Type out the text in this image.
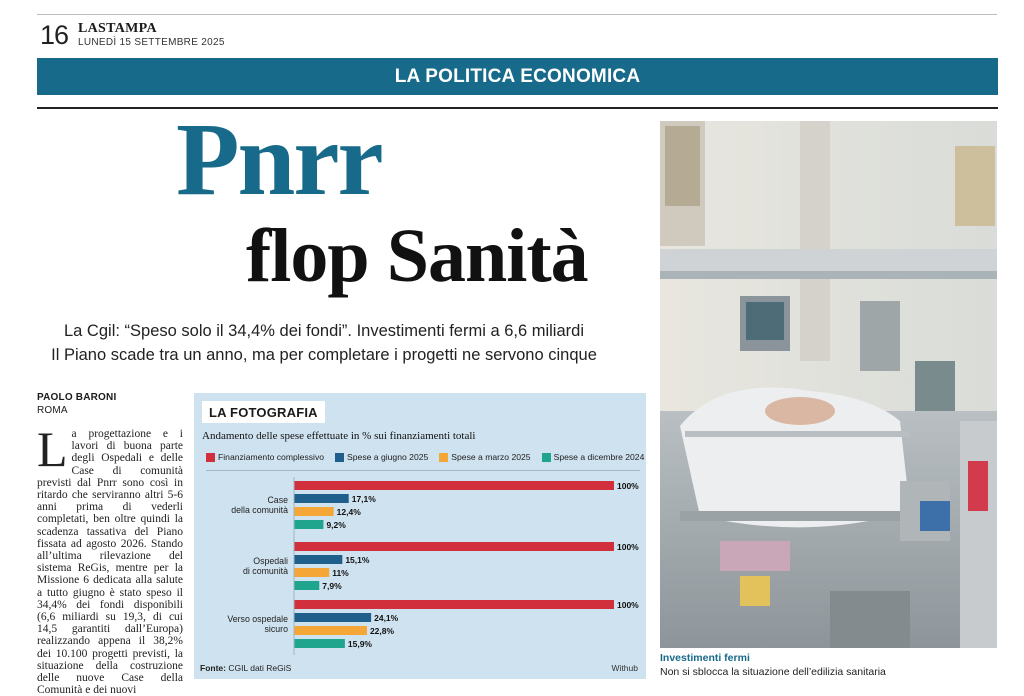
16 LASTAMPA
LUNEDÌ 15 SETTEMBRE 2025
LA POLITICA ECONOMICA
Pnrr
flop Sanità
La Cgil: “Speso solo il 34,4% dei fondi”. Investimenti fermi a 6,6 miliardi
Il Piano scade tra un anno, ma per completare i progetti ne servono cinque
PAOLO BARONI
ROMA
La progettazione e i lavori di buona parte degli Ospedali e delle Case di comunità previsti dal Pnrr sono così in ritardo che serviranno altri 5-6 anni prima di vederli completati, ben oltre quindi la scadenza tassativa del Piano fissata ad agosto 2026. Stando all’ultima rilevazione del sistema ReGis, mentre per la Missione 6 dedicata alla salute a tutto giugno è stato speso il 34,4% dei fondi disponibili (6,6 miliardi su 19,3, di cui 14,5 garantiti dall’Europa) realizzando appena il 38,2% dei 10.100 progetti previsti, la situazione della costruzione delle nuove Case della Comunità e dei nuovi
LA FOTOGRAFIA
Andamento delle spese effettuate in % sui finanziamenti totali
Finanziamento complessivo	Spese a giugno 2025	Spese a marzo 2025	Spese a dicembre 2024
100%
17,1%
12,4%
9,2%
Case
della comunità
100%
15,1%
11%
7,9%
Ospedali
di comunità
100%
24,1%
22,8%
15,9%
Verso ospedale
sicuro
Fonte: CGIL dati ReGiS	Withub
Investimenti fermi
Non si sblocca la situazione dell’edilizia sanitaria
